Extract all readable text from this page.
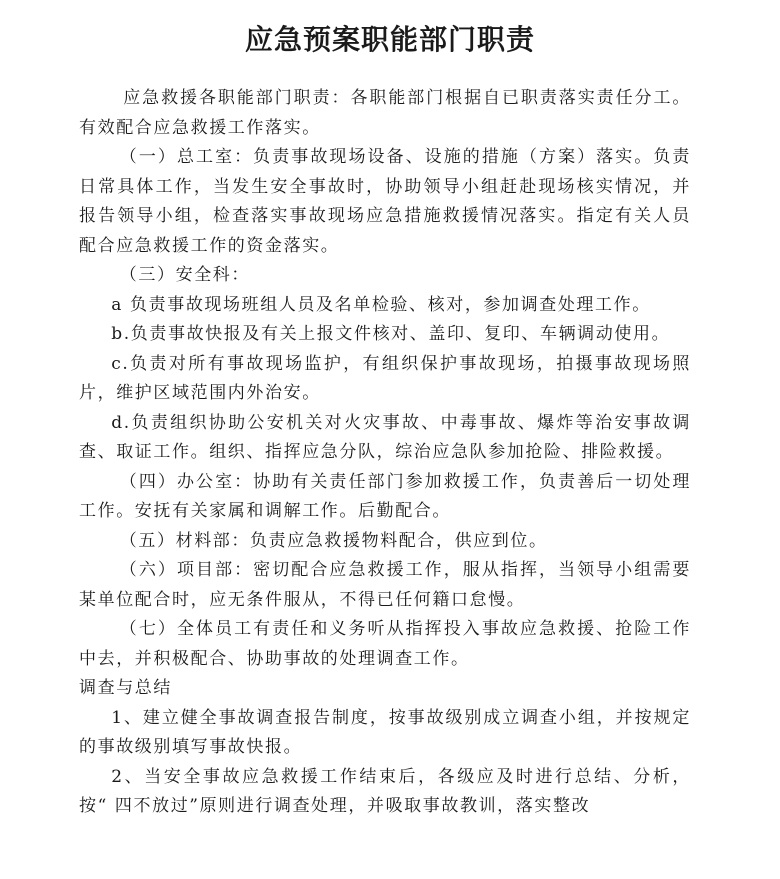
应急预案职能部门职责

应急救援各职能部门职责：各职能部门根据自已职责落实责任分工。有效配合应急救援工作落实。

（一）总工室：负责事故现场设备、设施的措施（方案）落实。负责日常具体工作，当发生安全事故时，协助领导小组赶赴现场核实情况，并报告领导小组，检查落实事故现场应急措施救援情况落实。指定有关人员配合应急救援工作的资金落实。

（三）安全科：

a 负责事故现场班组人员及名单检验、核对，参加调查处理工作。

b.负责事故快报及有关上报文件核对、盖印、复印、车辆调动使用。

c.负责对所有事故现场监护，有组织保护事故现场，拍摄事故现场照片，维护区域范围内外治安。

d.负责组织协助公安机关对火灾事故、中毒事故、爆炸等治安事故调查、取证工作。组织、指挥应急分队，综治应急队参加抢险、排险救援。

（四）办公室：协助有关责任部门参加救援工作，负责善后一切处理工作。安抚有关家属和调解工作。后勤配合。

（五）材料部：负责应急救援物料配合，供应到位。

（六）项目部：密切配合应急救援工作，服从指挥，当领导小组需要某单位配合时，应无条件服从，不得已任何籍口怠慢。

（七）全体员工有责任和义务听从指挥投入事故应急救援、抢险工作中去，并积极配合、协助事故的处理调查工作。

调查与总结

1、建立健全事故调查报告制度，按事故级别成立调查小组，并按规定的事故级别填写事故快报。

2、当安全事故应急救援工作结束后，各级应及时进行总结、分析，按“ 四不放过”原则进行调查处理，并吸取事故教训，落实整改
